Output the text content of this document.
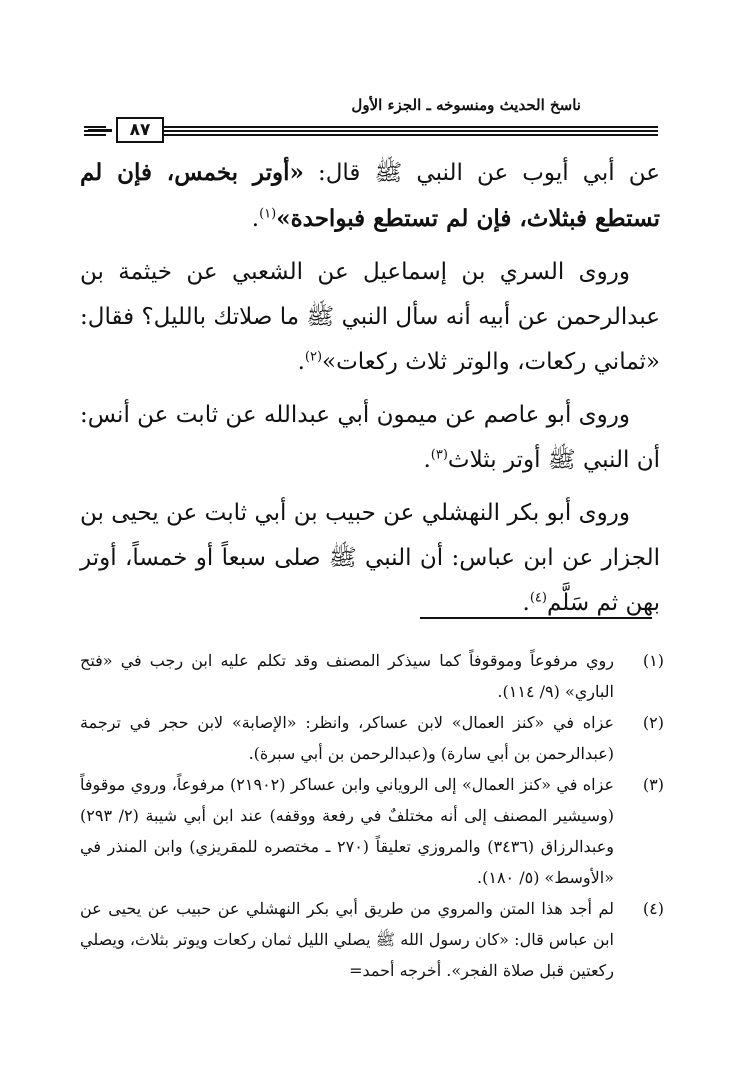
ناسخ الحديث ومنسوخه ـ الجزء الأول
٨٧

عن أبي أيوب عن النبي ﷺ قال: «أوتر بخمس، فإن لم تستطع فبثلاث، فإن لم تستطع فبواحدة»$^{(١)}$.

وروى السري بن إسماعيل عن الشعبي عن خيثمة بن عبدالرحمن عن أبيه أنه سأل النبي ﷺ ما صلاتك بالليل؟ فقال: «ثماني ركعات، والوتر ثلاث ركعات»$^{(٢)}$.

وروى أبو عاصم عن ميمون أبي عبدالله عن ثابت عن أنس: أن النبي ﷺ أوتر بثلاث$^{(٣)}$.

وروى أبو بكر النهشلي عن حبيب بن أبي ثابت عن يحيى بن الجزار عن ابن عباس: أن النبي ﷺ صلى سبعاً أو خمساً، أوتر بهن ثم سَلَّم$^{(٤)}$.

(١)
روي مرفوعاً وموقوفاً كما سيذكر المصنف وقد تكلم عليه ابن رجب في «فتح الباري» (٩/ ١١٤).
(٢)
عزاه في «كنز العمال» لابن عساكر، وانظر: «الإصابة» لابن حجر في ترجمة (عبدالرحمن بن أبي سارة) و(عبدالرحمن بن أبي سبرة).
(٣)
عزاه في «كنز العمال» إلى الروياني وابن عساكر (٢١٩٠٢) مرفوعاً، وروي موقوفاً (وسيشير المصنف إلى أنه مختلفٌ في رفعة ووقفه) عند ابن أبي شيبة (٢/ ٢٩٣) وعبدالرزاق (٣٤٣٦) والمروزي تعليقاً (٢٧٠ ـ مختصره للمقريزي) وابن المنذر في «الأوسط» (٥/ ١٨٠).
(٤)
لم أجد هذا المتن والمروي من طريق أبي بكر النهشلي عن حبيب عن يحيى عن ابن عباس قال: «كان رسول الله ﷺ يصلي الليل ثمان ركعات ويوتر بثلاث، ويصلي ركعتين قبل صلاة الفجر». أخرجه أحمد=
